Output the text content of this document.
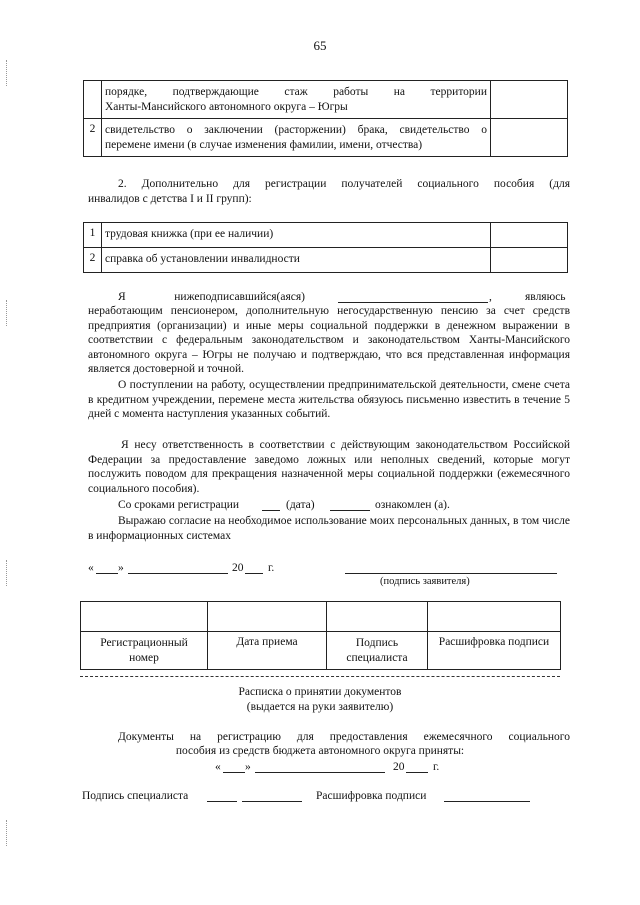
65

	порядке, подтверждающие стаж работы на территории
Ханты-Мансийского автономного округа – Югры	

2	свидетельство о заключении (расторжении) брака, свидетельство о
перемене имени (в случае изменения фамилии, имени, отчества)	

2. Дополнительно для регистрации получателей социального пособия (для
инвалидов с детства I и II групп):
1	трудовая книжка (при ее наличии)	
2	справка об установлении инвалидности	
Я нижеподписавшийся(аяся)	,	являюсь
неработающим пенсионером, дополнительную негосударственную пенсию за счет средств предприятия (организации) и иные меры социальной поддержки в денежном выражении в соответствии с федеральным законодательством и законодательством Ханты-Мансийского автономного округа – Югры не получаю и подтверждаю, что вся представленная информация является достоверной и точной.
О поступлении на работу, осуществлении предпринимательской деятельности, смене счета в кредитном учреждении, перемене места жительства обязуюсь письменно известить в течение 5 дней с момента наступления указанных событий.
Я несу ответственность в соответствии с действующим законодательством Российской Федерации за предоставление заведомо ложных или неполных сведений, которые могут послужить поводом для прекращения назначенной меры социальной поддержки (ежемесячного социального пособия).
Со сроками регистрации	(дата)	ознакомлен (а).
Выражаю согласие на необходимое использование моих персональных данных, в том числе в информационных системах
« »	20 г.
(подпись заявителя)

Регистрационный номер	Дата приема	Подпись специалиста	Расшифровка подписи
Расписка о принятии документов
(выдается на руки заявителю)
Документы на регистрацию для предоставления ежемесячного социального
пособия из средств бюджета автономного округа приняты:
« »	20 г.
Подпись специалиста	Расшифровка подписи
